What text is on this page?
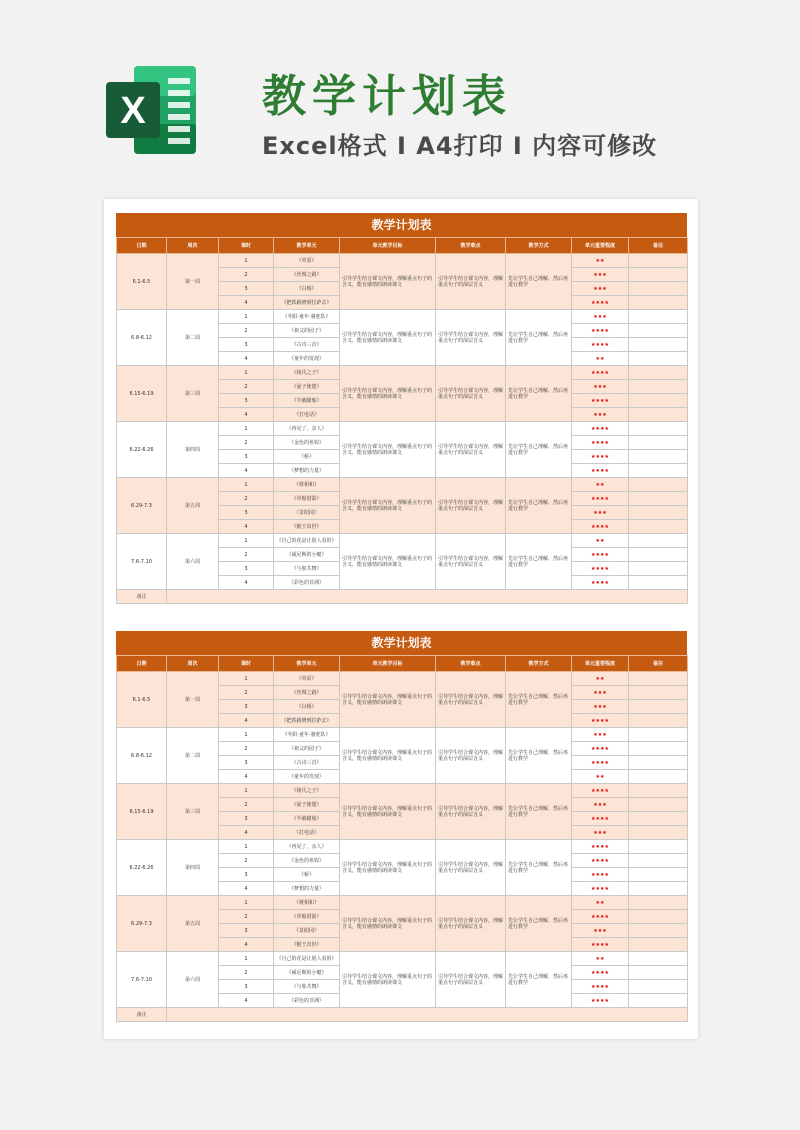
X	教学计划表
Excel格式 I A4打印 I 内容可修改
教学计划表
日期	周次	课时	教学单元	单元教学目标	教学难点	教学方式	单元重要程度	备注
6.1-6.5	第一周	1	《草原》	引导学生结合课文内容，理解重点句子的含义，能有感情的朗读课文	引导学生结合课文内容，理解重点句子的深层含义	先让学生自己理解，然后再进行教学	★★	
		2	《丝绸之路》				★★★	
		3	《白杨》				★★★	
		4	《把铁路修到拉萨去》				★★★★	
6.8-6.12	第二周	1	《冬阳·童年·骆驼队》	引导学生结合课文内容，理解重点句子的含义，能有感情的朗读课文	引导学生结合课文内容，理解重点句子的深层含义	先让学生自己理解，然后再进行教学	★★★	
		2	《祖父的园子》				★★★★	
		3	《古诗三首》				★★★★	
		4	《童年的发现》				★★	
6.15-6.19	第三周	1	《杨氏之子》	引导学生结合课文内容，理解重点句子的含义，能有感情的朗读课文	引导学生结合课文内容，理解重点句子的深层含义	先让学生自己理解，然后再进行教学	★★★★	
		2	《晏子使楚》				★★★	
		3	《半截蜡烛》				★★★★	
		4	《打电话》				★★★	
6.22-6.26	第四周	1	《再见了，亲人》	引导学生结合课文内容，理解重点句子的含义，能有感情的朗读课文	引导学生结合课文内容，理解重点句子的深层含义	先让学生自己理解，然后再进行教学	★★★★	
		2	《金色的鱼钩》				★★★★	
		3	《桥》				★★★★	
		4	《梦想的力量》				★★★★	
6.29-7.3	第五周	1	《将相和》	引导学生结合课文内容，理解重点句子的含义，能有感情的朗读课文	引导学生结合课文内容，理解重点句子的深层含义	先让学生自己理解，然后再进行教学	★★	
		2	《草船借箭》				★★★★	
		3	《景阳冈》				★★★	
		4	《猴王出世》				★★★★	
7.6-7.10	第六周	1	《自己的花是让别人看的》	引导学生结合课文内容，理解重点句子的含义，能有感情的朗读课文	引导学生结合课文内容，理解重点句子的深层含义	先让学生自己理解，然后再进行教学	★★	
		2	《威尼斯的小艇》				★★★★	
		3	《与象共舞》				★★★★	
		4	《彩色的非洲》				★★★★	
备注								
教学计划表
日期	周次	课时	教学单元	单元教学目标	教学难点	教学方式	单元重要程度	备注
6.1-6.5	第一周	1	《草原》	引导学生结合课文内容，理解重点句子的含义，能有感情的朗读课文	引导学生结合课文内容，理解重点句子的深层含义	先让学生自己理解，然后再进行教学	★★	
		2	《丝绸之路》				★★★	
		3	《白杨》				★★★	
		4	《把铁路修到拉萨去》				★★★★	
6.8-6.12	第二周	1	《冬阳·童年·骆驼队》	引导学生结合课文内容，理解重点句子的含义，能有感情的朗读课文	引导学生结合课文内容，理解重点句子的深层含义	先让学生自己理解，然后再进行教学	★★★	
		2	《祖父的园子》				★★★★	
		3	《古诗三首》				★★★★	
		4	《童年的发现》				★★	
6.15-6.19	第三周	1	《杨氏之子》	引导学生结合课文内容，理解重点句子的含义，能有感情的朗读课文	引导学生结合课文内容，理解重点句子的深层含义	先让学生自己理解，然后再进行教学	★★★★	
		2	《晏子使楚》				★★★	
		3	《半截蜡烛》				★★★★	
		4	《打电话》				★★★	
6.22-6.26	第四周	1	《再见了，亲人》	引导学生结合课文内容，理解重点句子的含义，能有感情的朗读课文	引导学生结合课文内容，理解重点句子的深层含义	先让学生自己理解，然后再进行教学	★★★★	
		2	《金色的鱼钩》				★★★★	
		3	《桥》				★★★★	
		4	《梦想的力量》				★★★★	
6.29-7.3	第五周	1	《将相和》	引导学生结合课文内容，理解重点句子的含义，能有感情的朗读课文	引导学生结合课文内容，理解重点句子的深层含义	先让学生自己理解，然后再进行教学	★★	
		2	《草船借箭》				★★★★	
		3	《景阳冈》				★★★	
		4	《猴王出世》				★★★★	
7.6-7.10	第六周	1	《自己的花是让别人看的》	引导学生结合课文内容，理解重点句子的含义，能有感情的朗读课文	引导学生结合课文内容，理解重点句子的深层含义	先让学生自己理解，然后再进行教学	★★	
		2	《威尼斯的小艇》				★★★★	
		3	《与象共舞》				★★★★	
		4	《彩色的非洲》				★★★★	
备注								
